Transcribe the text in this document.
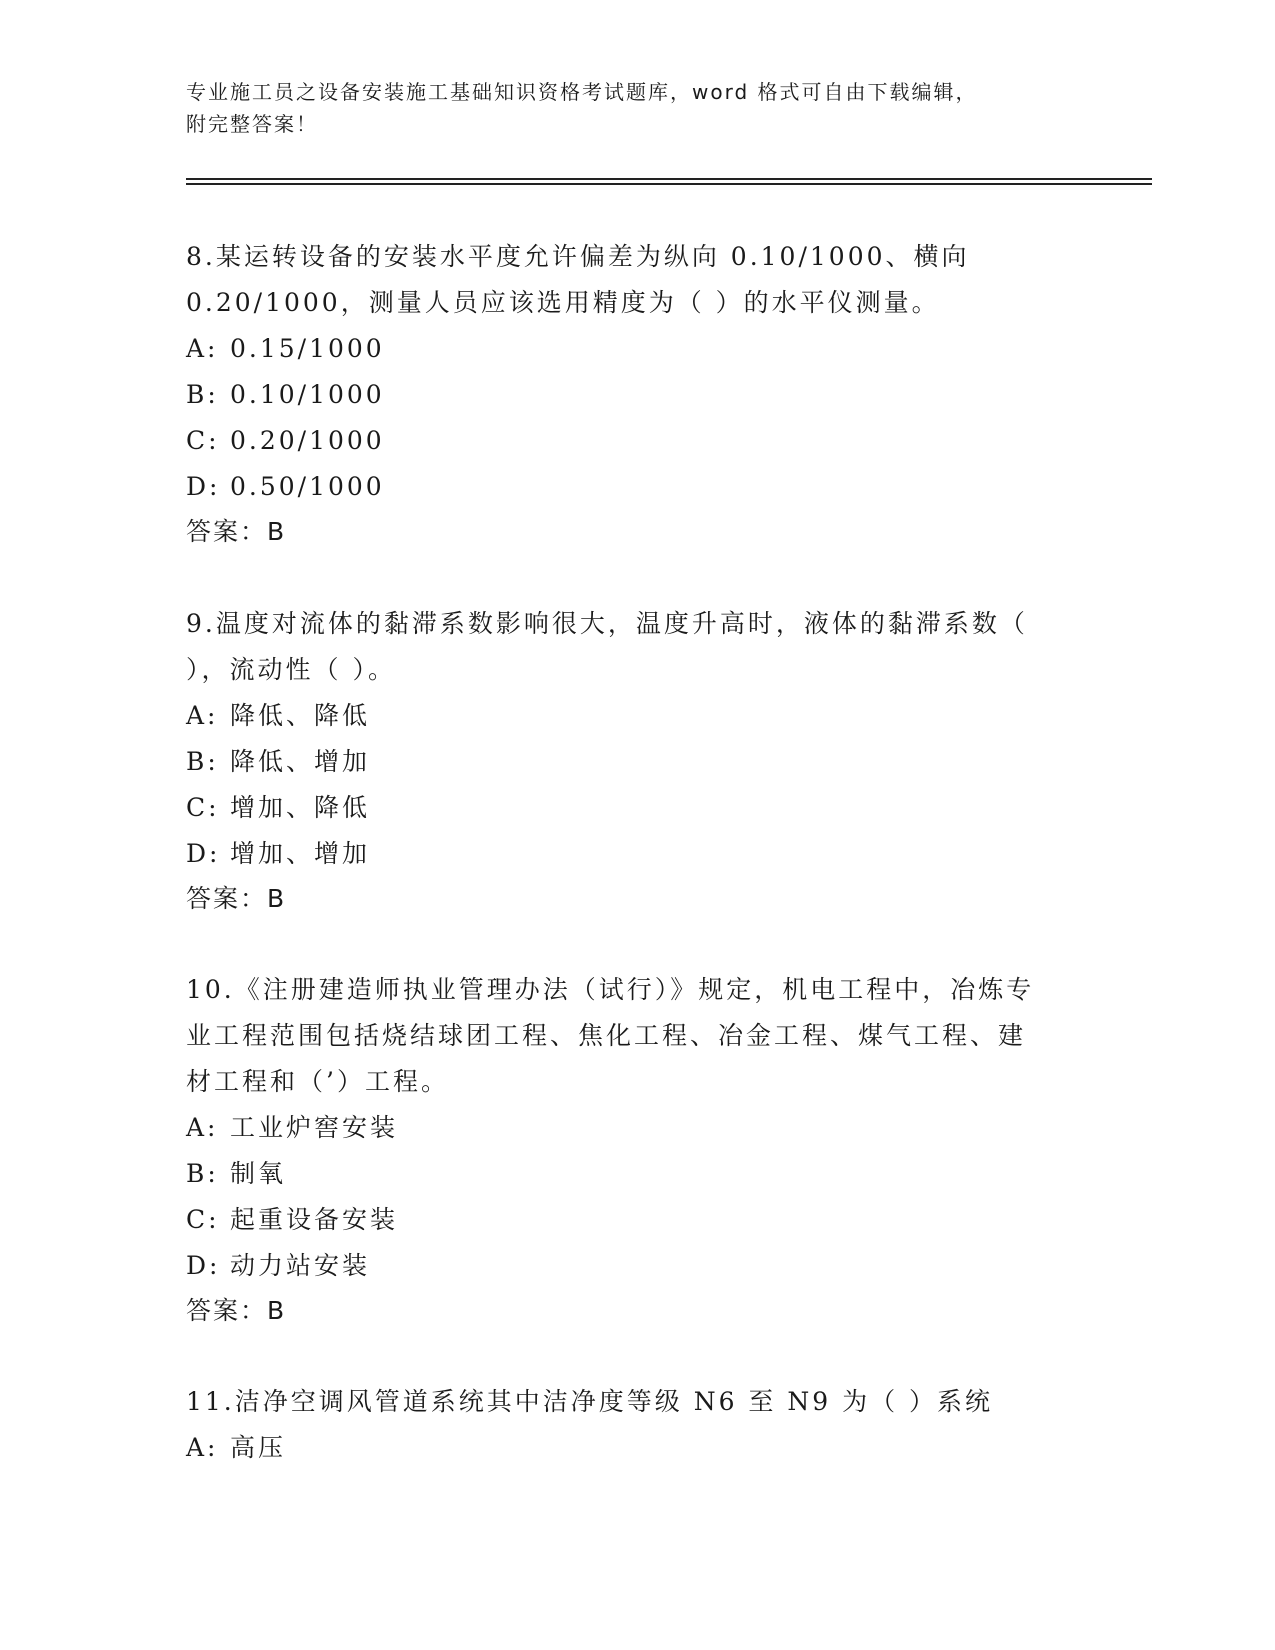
专业施工员之设备安装施工基础知识资格考试题库，word 格式可自由下载编辑，
附完整答案！
8.某运转设备的安装水平度允许偏差为纵向 0.10/1000、横向
0.20/1000，测量人员应该选用精度为（ ）的水平仪测量。
A: 0.15/1000
B: 0.10/1000
C: 0.20/1000
D: 0.50/1000
答案：B
9.温度对流体的黏滞系数影响很大，温度升高时，液体的黏滞系数（
），流动性（ ）。
A: 降低、降低
B: 降低、增加
C: 增加、降低
D: 增加、增加
答案：B
10.《注册建造师执业管理办法（试行）》规定，机电工程中，冶炼专
业工程范围包括烧结球团工程、焦化工程、冶金工程、煤气工程、建
材工程和（’）工程。
A: 工业炉窖安装
B: 制氧
C: 起重设备安装
D: 动力站安装
答案：B
11.洁净空调风管道系统其中洁净度等级 N6 至 N9 为（ ）系统
A: 高压
